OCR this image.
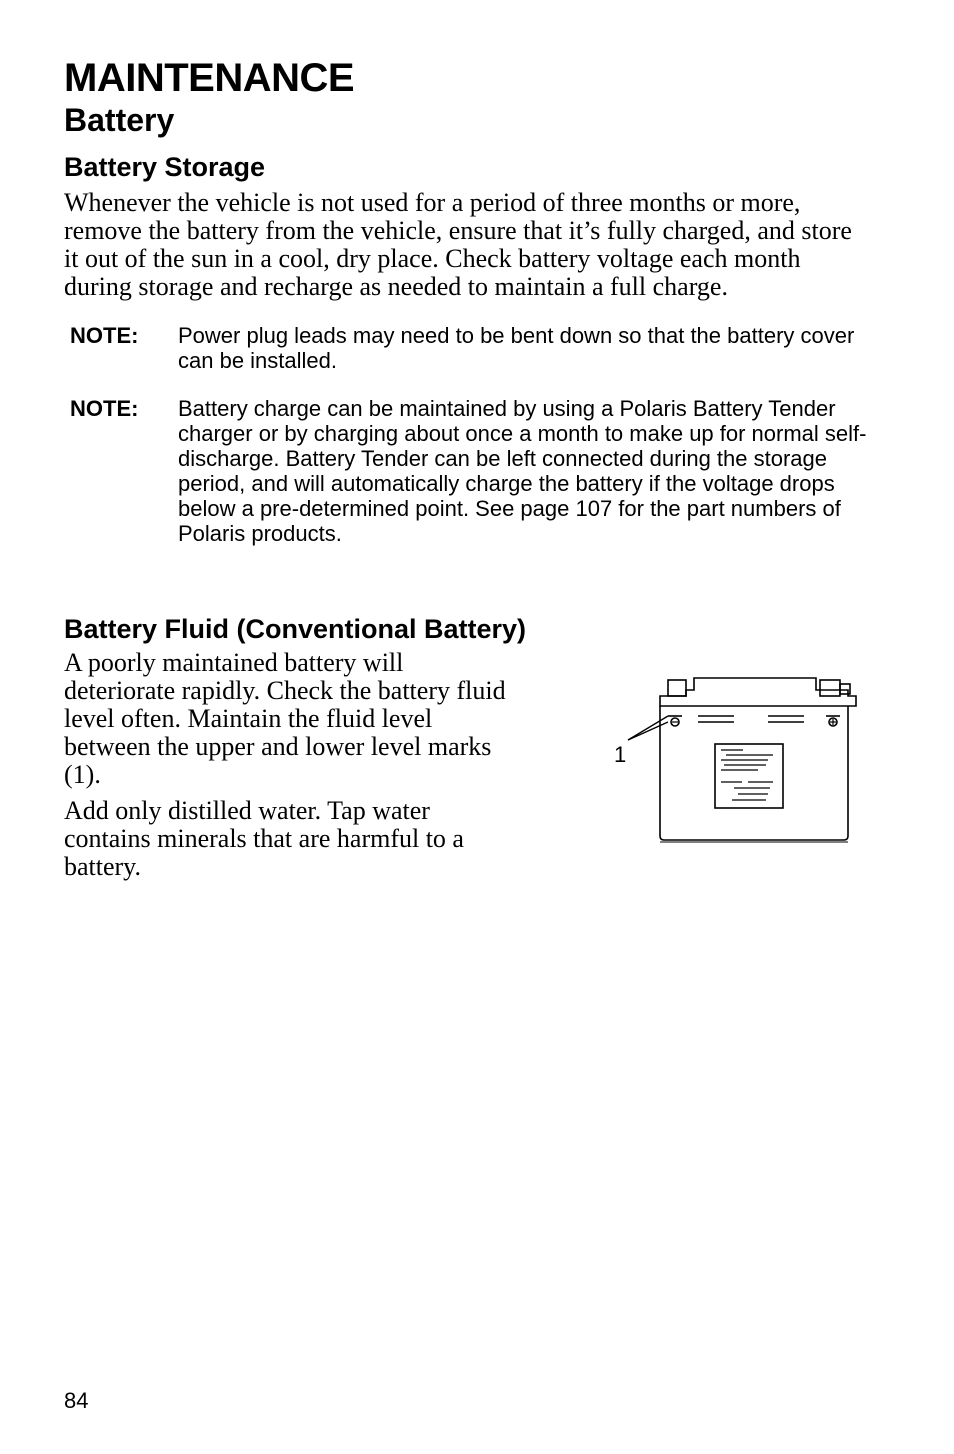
MAINTENANCE
Battery
Battery Storage

Whenever the vehicle is not used for a period of three months or more, remove the battery from the vehicle, ensure that it’s fully charged, and store it out of the sun in a cool, dry place. Check battery voltage each month during storage and recharge as needed to maintain a full charge.

NOTE: Power plug leads may need to be bent down so that the battery cover can be installed.

NOTE: Battery charge can be maintained by using a Polaris Battery Tender charger or by charging about once a month to make up for normal self-discharge. Battery Tender can be left connected during the storage period, and will automatically charge the battery if the voltage drops below a pre-determined point. See page 107 for the part numbers of Polaris products.

Battery Fluid (Conventional Battery)

A poorly maintained battery will deteriorate rapidly. Check the battery fluid level often. Maintain the fluid level between the upper and lower level marks (1).

Add only distilled water. Tap water contains minerals that are harmful to a battery.

1
84
